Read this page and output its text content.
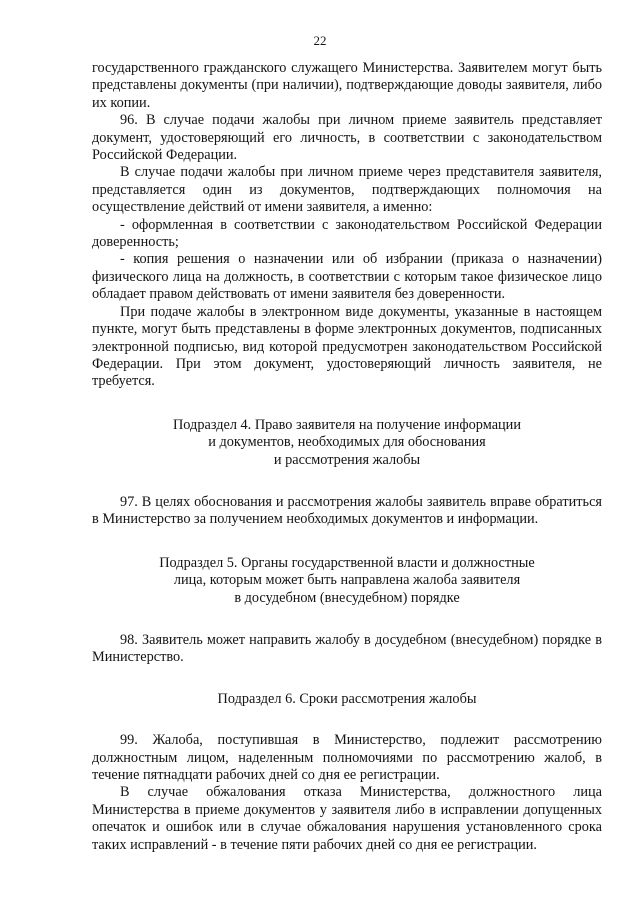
22

государственного гражданского служащего Министерства. Заявителем могут быть представлены документы (при наличии), подтверждающие доводы заявителя, либо их копии.

96. В случае подачи жалобы при личном приеме заявитель представляет документ, удостоверяющий его личность, в соответствии с законодательством Российской Федерации.

В случае подачи жалобы при личном приеме через представителя заявителя, представляется один из документов, подтверждающих полномочия на осуществление действий от имени заявителя, а именно:

- оформленная в соответствии с законодательством Российской Федерации доверенность;

- копия решения о назначении или об избрании (приказа о назначении) физического лица на должность, в соответствии с которым такое физическое лицо обладает правом действовать от имени заявителя без доверенности.

При подаче жалобы в электронном виде документы, указанные в настоящем пункте, могут быть представлены в форме электронных документов, подписанных электронной подписью, вид которой предусмотрен законодательством Российской Федерации. При этом документ, удостоверяющий личность заявителя, не требуется.

Подраздел 4. Право заявителя на получение информации
и документов, необходимых для обоснования
и рассмотрения жалобы

97. В целях обоснования и рассмотрения жалобы заявитель вправе обратиться в Министерство за получением необходимых документов и информации.

Подраздел 5. Органы государственной власти и должностные
лица, которым может быть направлена жалоба заявителя
в досудебном (внесудебном) порядке

98. Заявитель может направить жалобу в досудебном (внесудебном) порядке в Министерство.

Подраздел 6. Сроки рассмотрения жалобы

99. Жалоба, поступившая в Министерство, подлежит рассмотрению должностным лицом, наделенным полномочиями по рассмотрению жалоб, в течение пятнадцати рабочих дней со дня ее регистрации.

В случае обжалования отказа Министерства, должностного лица Министерства в приеме документов у заявителя либо в исправлении допущенных опечаток и ошибок или в случае обжалования нарушения установленного срока таких исправлений - в течение пяти рабочих дней со дня ее регистрации.
